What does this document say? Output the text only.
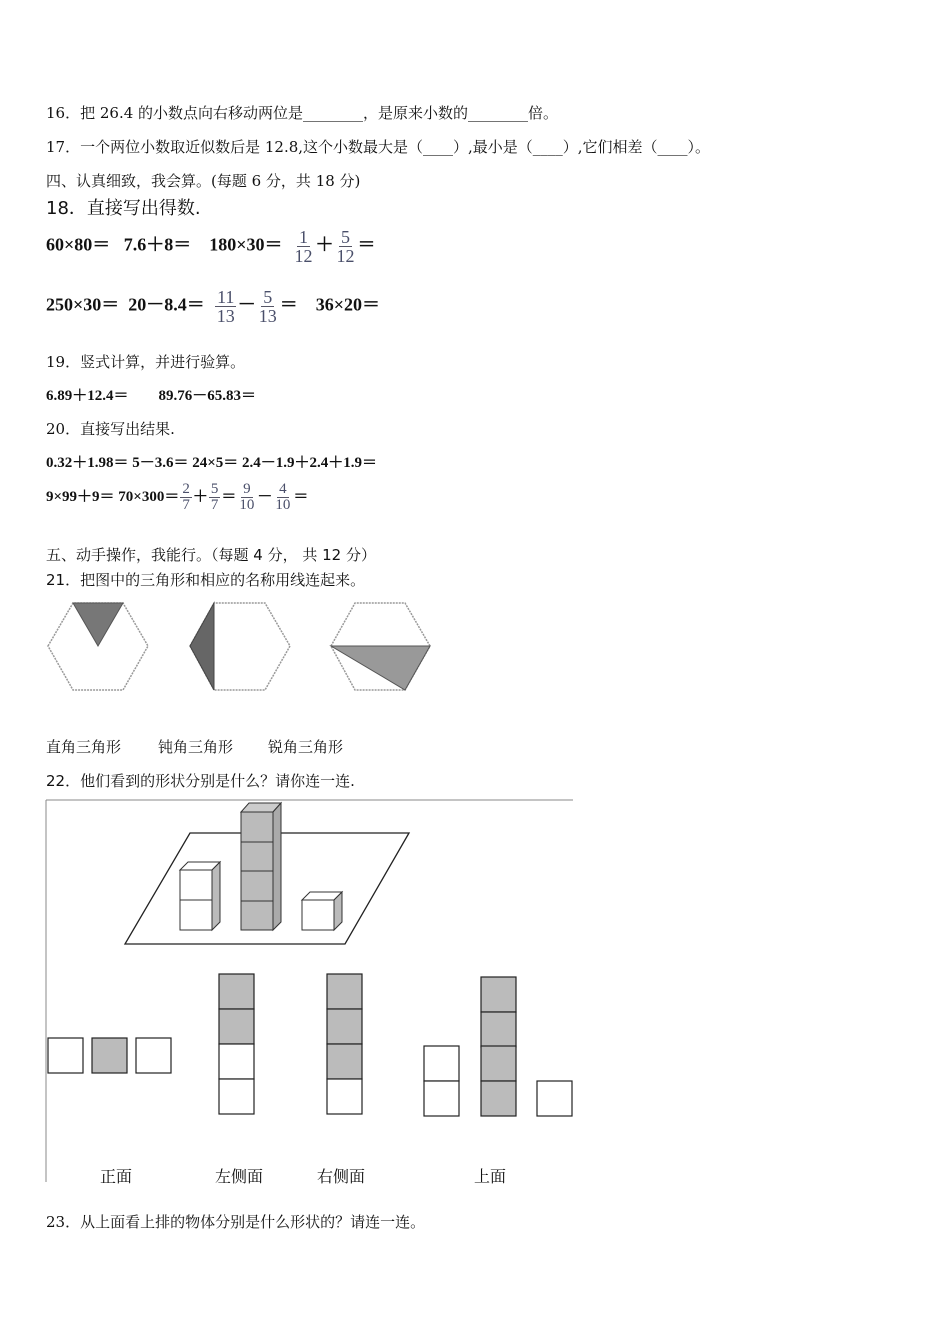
16．把 26.4 的小数点向右移动两位是________，是原来小数的________倍。
17．一个两位小数取近似数后是 12.8,这个小数最大是（____）,最小是（____）,它们相差（____）。
四、认真细致，我会算。(每题 6 分，共 18 分)
18．直接写出得数.
$60\times 80= 7.6+8= 180\times 30= \frac{1}{12} + \frac{5}{12}$ ＝
$250\times 30= 20-8.4= \frac{11}{13} - \frac{5}{13} = 36\times 20=$
19．竖式计算，并进行验算。
6.89＋12.4＝ 89.76－65.83＝
20．直接写出结果.
0.32＋1.98＝ 5－3.6＝ 24×5＝ 2.4－1.9＋2.4＋1.9＝
$9\times 99+9= 70\times 300= \frac{2}{7} + \frac{5}{7} = \frac{9}{10} - \frac{4}{10}$ ＝
五、动手操作，我能行。（每题 4 分， 共 12 分）
21．把图中的三角形和相应的名称用线连起来。
直角三角形 钝角三角形 锐角三角形
22．他们看到的形状分别是什么？请你连一连.
正面	左侧面	右侧面	上面
23．从上面看上排的物体分别是什么形状的？请连一连。
